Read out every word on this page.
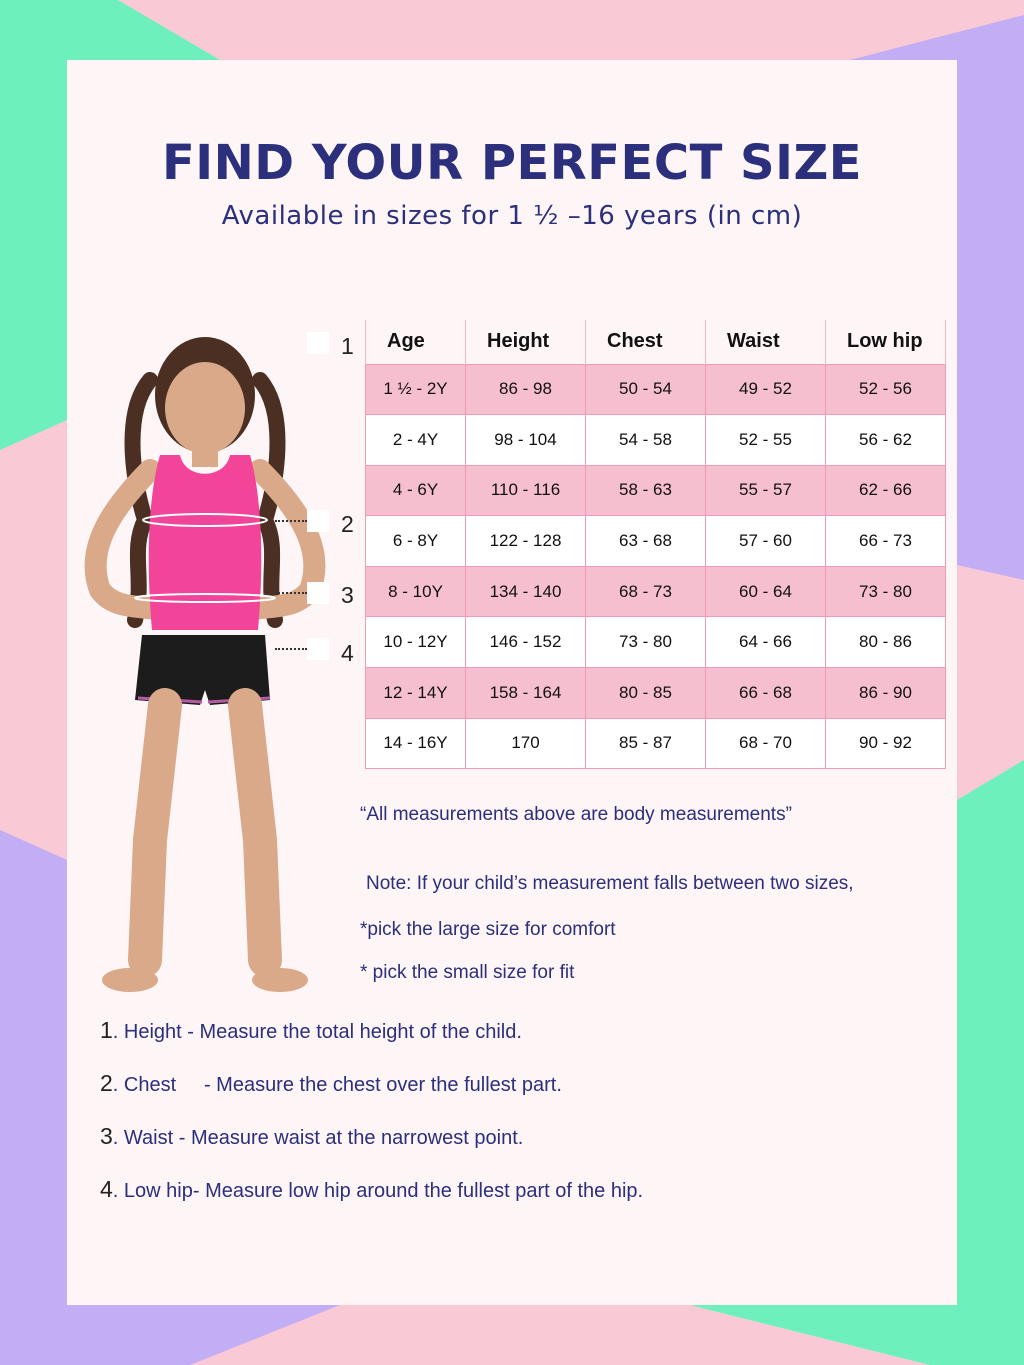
FIND YOUR PERFECT SIZE
Available in sizes for 1 ½ –16 years (in cm)
1
2
3
4
Age	Height	Chest	Waist	Low hip
1 ½ - 2Y	86 - 98	50 - 54	49 - 52	52 - 56
2 - 4Y	98 - 104	54 - 58	52 - 55	56 - 62
4 - 6Y	110 - 116	58 - 63	55 - 57	62 - 66
6 - 8Y	122 - 128	63 - 68	57 - 60	66 - 73
8 - 10Y	134 - 140	68 - 73	60 - 64	73 - 80
10 - 12Y	146 - 152	73 - 80	64 - 66	80 - 86
12 - 14Y	158 - 164	80 - 85	66 - 68	86 - 90
14 - 16Y	170	85 - 87	68 - 70	90 - 92
“All measurements above are body measurements”
Note: If your child’s measurement falls between two sizes,
*pick the large size for comfort
* pick the small size for fit
1. Height - Measure the total height of the child.
2. Chest     - Measure the chest over the fullest part.
3. Waist - Measure waist at the narrowest point.
4. Low hip- Measure low hip around the fullest part of the hip.
